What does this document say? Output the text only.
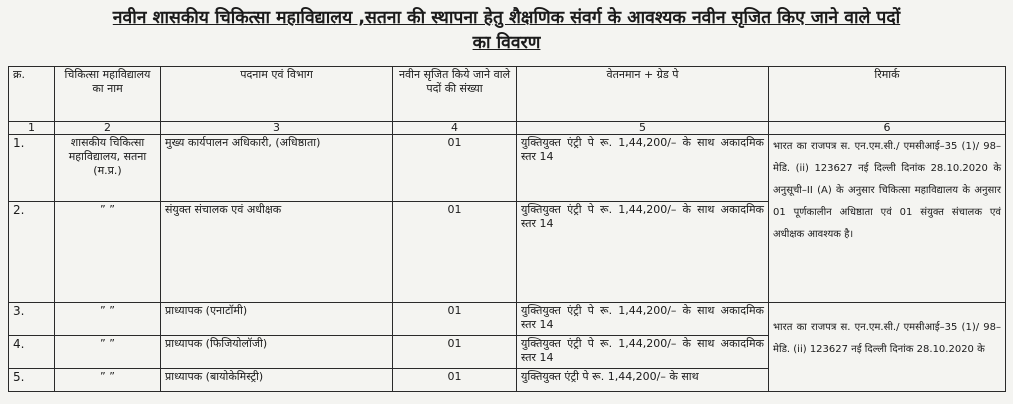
नवीन शासकीय चिकित्सा महाविद्यालय ,सतना की स्थापना हेतु शैक्षणिक संवर्ग के आवश्यक नवीन सृजित किए जाने वाले पदों
का विवरण
क्र.	चिकित्सा महाविद्यालय का नाम	पदनाम एवं विभाग	नवीन सृजित किये जाने वाले पदों की संख्या	वेतनमान + ग्रेड पे	रिमार्क
1	2	3	4	5	6
1.	शासकीय चिकित्सा महाविद्यालय, सतना (म.प्र.)	मुख्य कार्यपालन अधिकारी, (अधिष्ठाता)	01	युक्तियुक्त एंट्री पे रू. 1,44,200/– के साथ अकादमिक स्तर 14	भारत का राजपत्र स. एन.एम.सी./ एमसीआई–35 (1)/ 98–मेडि. (ii) 123627 नई दिल्ली दिनांक 28.10.2020 के अनुसूची–II (A) के अनुसार चिकित्सा महाविद्यालय के अनुसार 01 पूर्णकालीन अधिष्ठाता एवं 01 संयुक्त संचालक एवं अधीक्षक आवश्यक है।
2.	” ”	संयुक्त संचालक एवं अधीक्षक	01	युक्तियुक्त एंट्री पे रू. 1,44,200/– के साथ अकादमिक स्तर 14	
3.	” ”	प्राध्यापक (एनाटॉमी)	01	युक्तियुक्त एंट्री पे रू. 1,44,200/– के साथ अकादमिक स्तर 14	भारत का राजपत्र स. एन.एम.सी./ एमसीआई–35 (1)/ 98–मेडि. (ii) 123627 नई दिल्ली दिनांक 28.10.2020 के
4.	” ”	प्राध्यापक (फिजियोलॉजी)	01	युक्तियुक्त एंट्री पे रू. 1,44,200/– के साथ अकादमिक स्तर 14	
5.	” ”	प्राध्यापक (बायोकेमिस्ट्री)	01	युक्तियुक्त एंट्री पे रू. 1,44,200/– के साथ	
